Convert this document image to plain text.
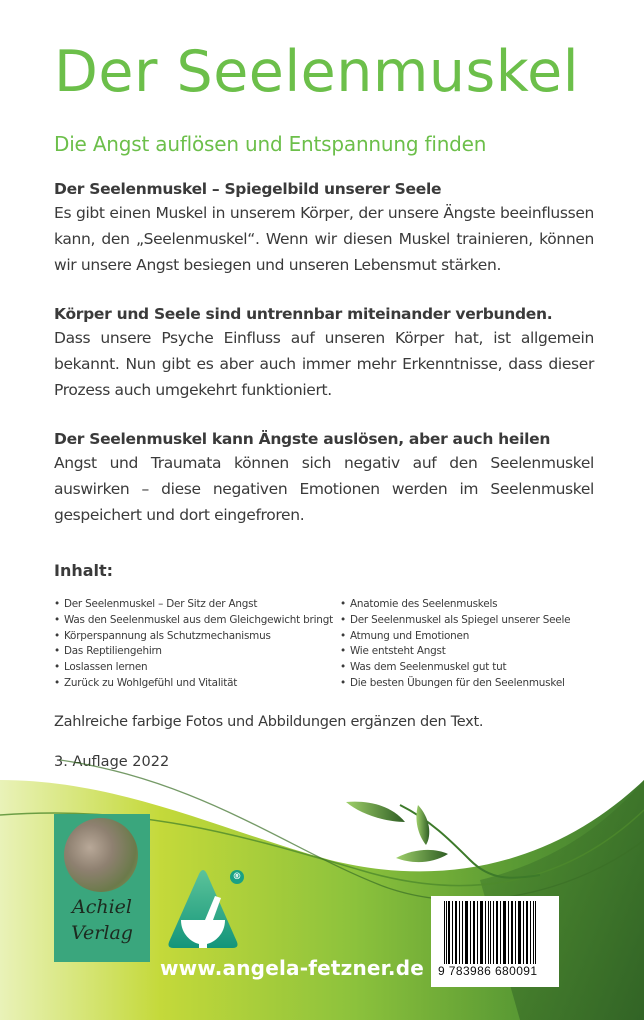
Der Seelenmuskel
Die Angst auflösen und Entspannung finden
Der Seelenmuskel – Spiegelbild unserer Seele

Es gibt einen Muskel in unserem Körper, der unsere Ängste beeinflussen kann, den „Seelenmuskel“. Wenn wir diesen Muskel trainieren, können wir unsere Angst besiegen und unseren Lebensmut stärken.

Körper und Seele sind untrennbar miteinander verbunden.

Dass unsere Psyche Einfluss auf unseren Körper hat, ist allgemein bekannt. Nun gibt es aber auch immer mehr Erkenntnisse, dass dieser Prozess auch umgekehrt funktioniert.

Der Seelenmuskel kann Ängste auslösen, aber auch heilen

Angst und Traumata können sich negativ auf den Seelenmuskel auswirken – diese negativen Emotionen werden im Seelenmuskel gespeichert und dort eingefroren.

Inhalt:
• Der Seelenmuskel – Der Sitz der Angst
• Was den Seelenmuskel aus dem Gleichgewicht bringt
• Körperspannung als Schutzmechanismus
• Das Reptiliengehirn
• Loslassen lernen
• Zurück zu Wohlgefühl und Vitalität
• Anatomie des Seelenmuskels
• Der Seelenmuskel als Spiegel unserer Seele
• Atmung und Emotionen
• Wie entsteht Angst
• Was dem Seelenmuskel gut tut
• Die besten Übungen für den Seelenmuskel

Zahlreiche farbige Fotos und Abbildungen ergänzen den Text.

3. Auflage 2022

Achiel
Verlag
®
www.angela-fetzner.de 9 783986 680091
